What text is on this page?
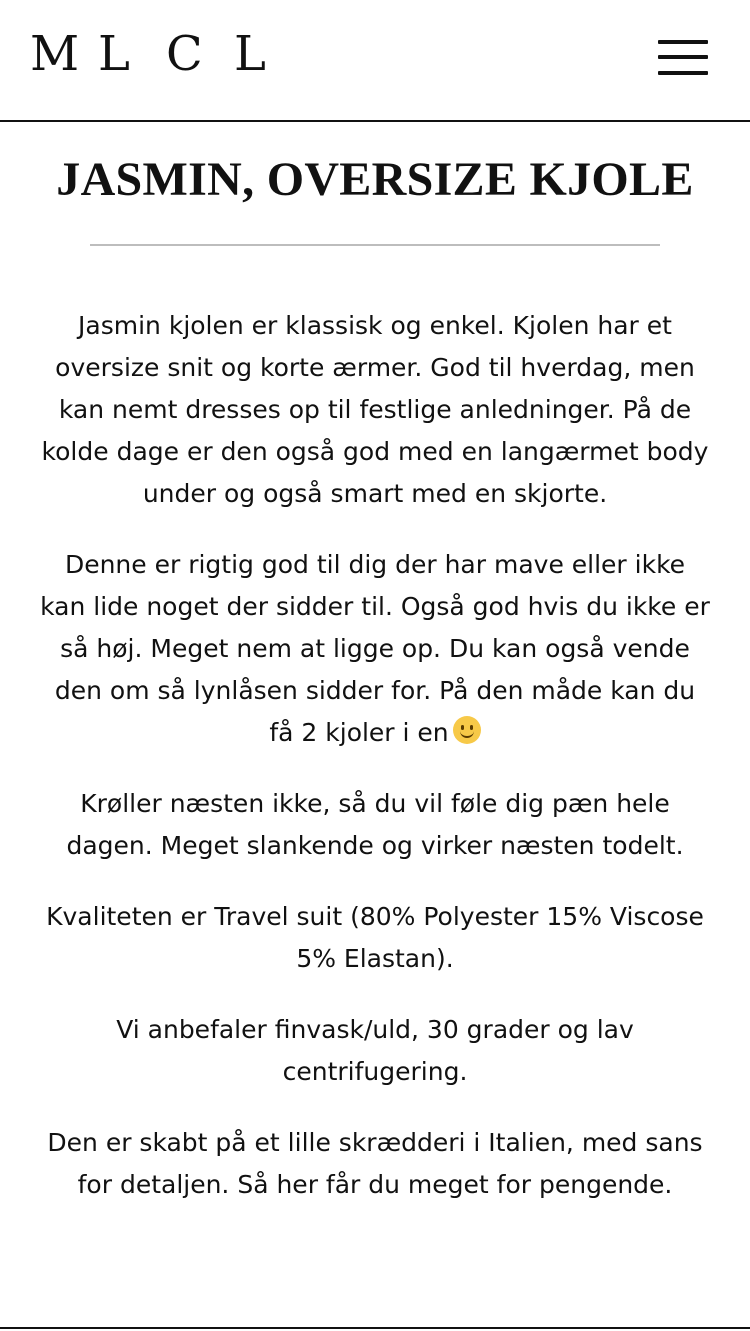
M L C L
JASMIN, OVERSIZE KJOLE

Jasmin kjolen er klassisk og enkel. Kjolen har et oversize snit og korte ærmer. God til hverdag, men kan nemt dresses op til festlige anledninger. På de kolde dage er den også god med en langærmet body under og også smart med en skjorte.

Denne er rigtig god til dig der har mave eller ikke kan lide noget der sidder til. Også god hvis du ikke er så høj. Meget nem at ligge op. Du kan også vende den om så lynlåsen sidder for. På den måde kan du få 2 kjoler i en

Krøller næsten ikke, så du vil føle dig pæn hele dagen. Meget slankende og virker næsten todelt.

Kvaliteten er Travel suit (80% Polyester 15% Viscose 5% Elastan).

Vi anbefaler finvask/uld, 30 grader og lav centrifugering.

Den er skabt på et lille skrædderi i Italien, med sans for detaljen. Så her får du meget for pengende.
